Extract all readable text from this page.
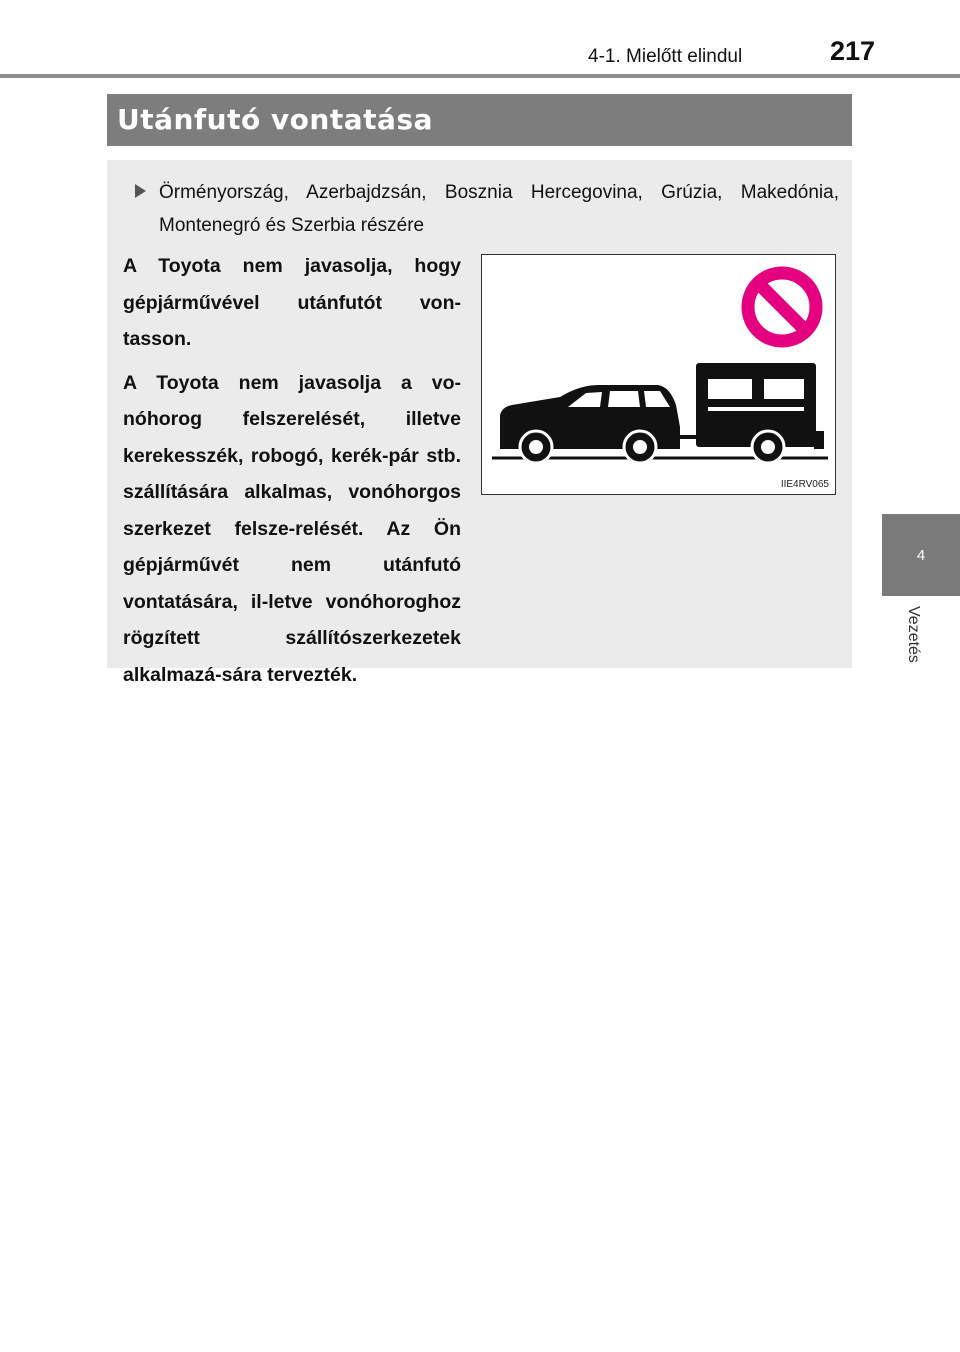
4-1. Mielőtt elindul	217
4
Vezetés
Utánfutó vontatása
Örményország, Azerbajdzsán, Bosznia Hercegovina, Grúzia, Makedónia, Montenegró és Szerbia részére

A Toyota nem javasolja, hogy gépjárművével utánfutót von-tasson.

A Toyota nem javasolja a vo-nóhorog felszerelését, illetve kerekesszék, robogó, kerék-pár stb. szállítására alkalmas, vonóhorgos szerkezet felsze-relését. Az Ön gépjárművét nem utánfutó vontatására, il-letve vonóhoroghoz rögzített szállítószerkezetek alkalmazá-sára tervezték.

IIE4RV065
